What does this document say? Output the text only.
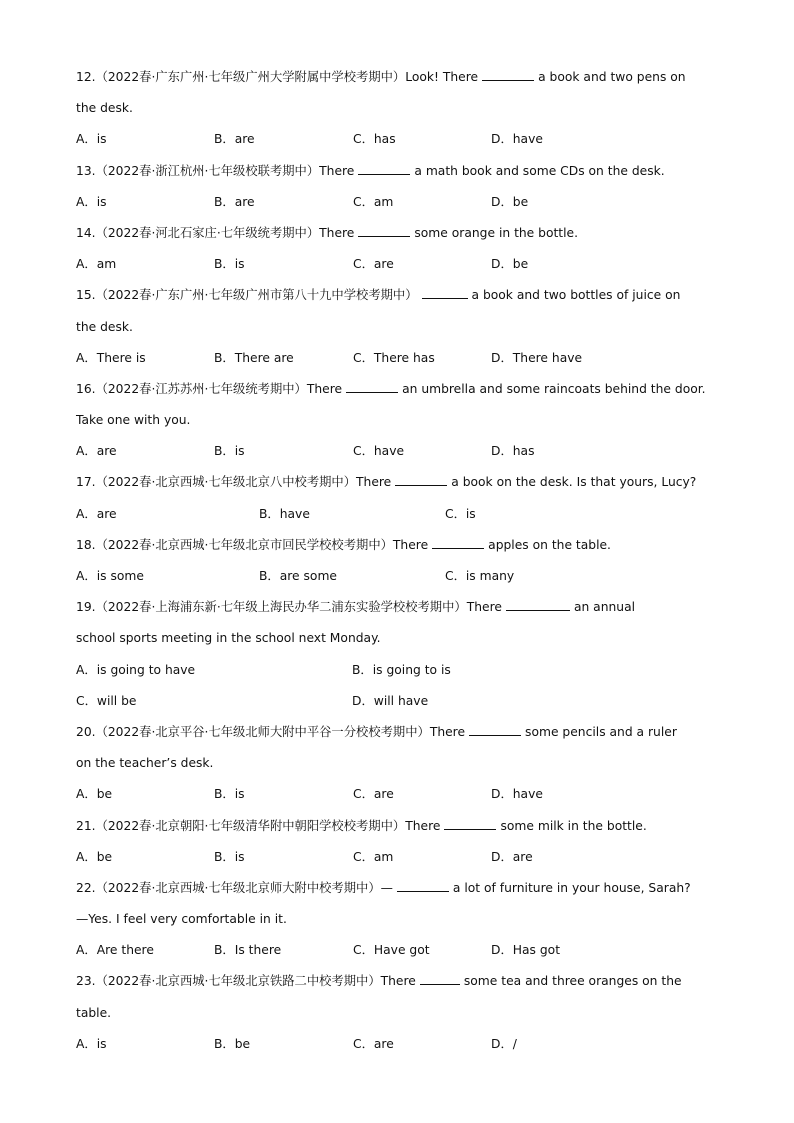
12.（2022春·广东广州·七年级广州大学附属中学校考期中）Look! There	a book and two pens on
the desk.
A．is	B．are	C．has	D．have
13.（2022春·浙江杭州·七年级校联考期中）There	a math book and some CDs on the desk.
A．is	B．are	C．am	D．be
14.（2022春·河北石家庄·七年级统考期中）There	some orange in the bottle.
A．am	B．is	C．are	D．be
15.（2022春·广东广州·七年级广州市第八十九中学校考期中）	a book and two bottles of juice on
the desk.
A．There is	B．There are	C．There has	D．There have
16.（2022春·江苏苏州·七年级统考期中）There	an umbrella and some raincoats behind the door.
Take one with you.
A．are	B．is	C．have	D．has
17.（2022春·北京西城·七年级北京八中校考期中）There	a book on the desk. Is that yours, Lucy?
A．are	B．have	C．is
18.（2022春·北京西城·七年级北京市回民学校校考期中）There	apples on the table.
A．is some	B．are some	C．is many
19.（2022春·上海浦东新·七年级上海民办华二浦东实验学校校考期中）There	an annual
school sports meeting in the school next Monday.
A．is going to have	B．is going to is
C．will be	D．will have
20.（2022春·北京平谷·七年级北师大附中平谷一分校校考期中）There	some pencils and a ruler
on the teacher’s desk.
A．be	B．is	C．are	D．have
21.（2022春·北京朝阳·七年级清华附中朝阳学校校考期中）There	some milk in the bottle.
A．be	B．is	C．am	D．are
22.（2022春·北京西城·七年级北京师大附中校考期中）—	a lot of furniture in your house, Sarah?
—Yes. I feel very comfortable in it.
A．Are there	B．Is there	C．Have got	D．Has got
23.（2022春·北京西城·七年级北京铁路二中校考期中）There	some tea and three oranges on the
table.
A．is	B．be	C．are	D．/
